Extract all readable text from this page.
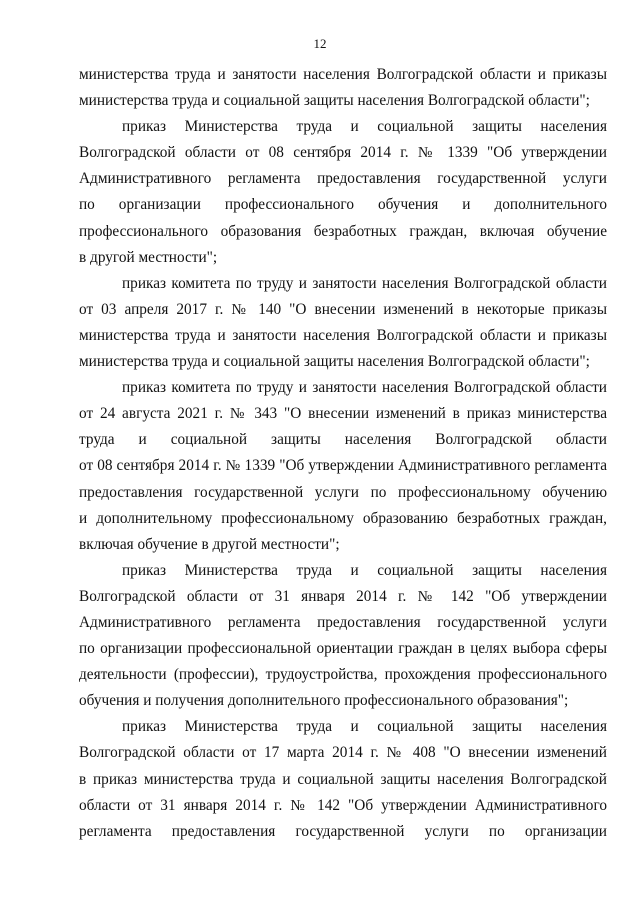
12

министерства труда и занятости населения Волгоградской области и приказы
министерства труда и социальной защиты населения Волгоградской области";

приказ Министерства труда и социальной защиты населения
Волгоградской области от 08 сентября 2014 г. № 1339 "Об утверждении
Административного регламента предоставления государственной услуги
по организации профессионального обучения и дополнительного
профессионального образования безработных граждан, включая обучение
в другой местности";

приказ комитета по труду и занятости населения Волгоградской области
от 03 апреля 2017 г. № 140 "О внесении изменений в некоторые приказы
министерства труда и занятости населения Волгоградской области и приказы
министерства труда и социальной защиты населения Волгоградской области";

приказ комитета по труду и занятости населения Волгоградской области
от 24 августа 2021 г. № 343 "О внесении изменений в приказ министерства
труда и социальной защиты населения Волгоградской области
от 08 сентября 2014 г. № 1339 "Об утверждении Административного регламента
предоставления государственной услуги по профессиональному обучению
и дополнительному профессиональному образованию безработных граждан,
включая обучение в другой местности";

приказ Министерства труда и социальной защиты населения
Волгоградской области от 31 января 2014 г. № 142 "Об утверждении
Административного регламента предоставления государственной услуги
по организации профессиональной ориентации граждан в целях выбора сферы
деятельности (профессии), трудоустройства, прохождения профессионального
обучения и получения дополнительного профессионального образования";

приказ Министерства труда и социальной защиты населения
Волгоградской области от 17 марта 2014 г. № 408 "О внесении изменений
в приказ министерства труда и социальной защиты населения Волгоградской
области от 31 января 2014 г. № 142 "Об утверждении Административного
регламента предоставления государственной услуги по организации
